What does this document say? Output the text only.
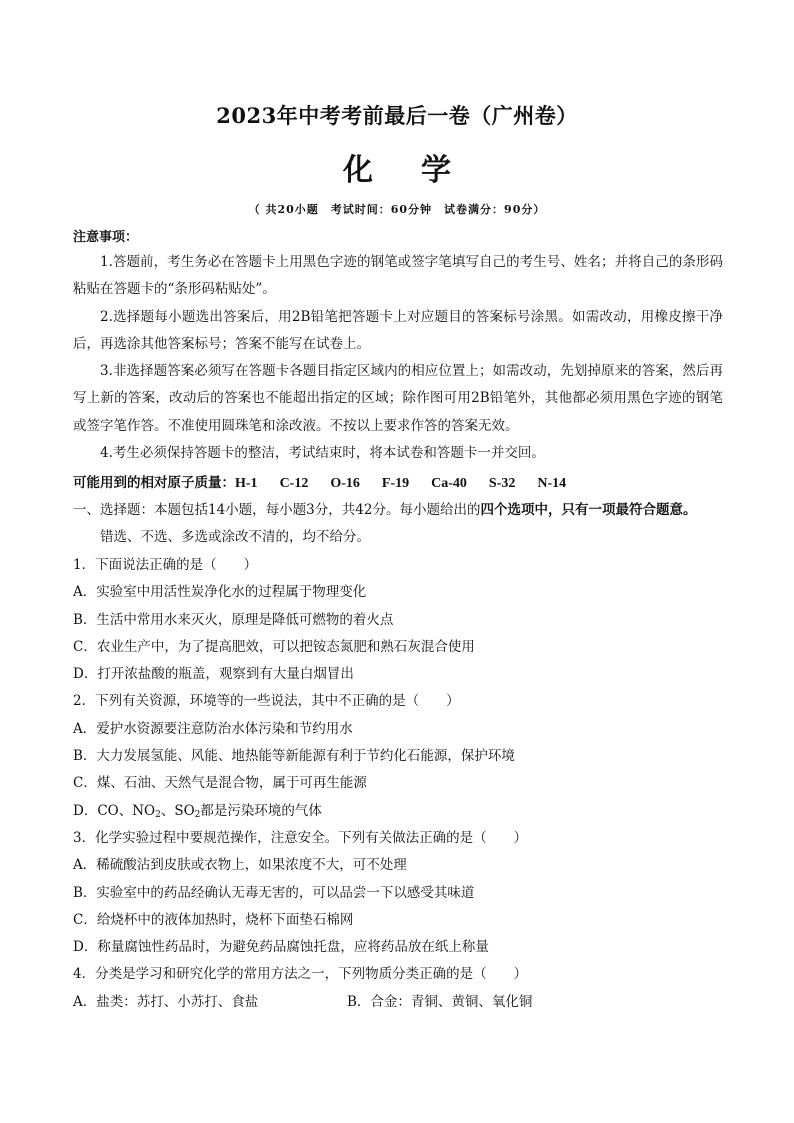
2023年中考考前最后一卷（广州卷）
化 学
（ 共20小题　考试时间：60分钟　试卷满分：90分）
注意事项：

1.答题前，考生务必在答题卡上用黑色字迹的钢笔或签字笔填写自己的考生号、姓名；并将自己的条形码粘贴在答题卡的“条形码粘贴处”。

2.选择题每小题选出答案后，用2B铅笔把答题卡上对应题目的答案标号涂黑。如需改动，用橡皮擦干净后，再选涂其他答案标号；答案不能写在试卷上。

3.非选择题答案必须写在答题卡各题目指定区域内的相应位置上；如需改动，先划掉原来的答案，然后再写上新的答案，改动后的答案也不能超出指定的区域；除作图可用2B铅笔外，其他都必须用黑色字迹的钢笔或签字笔作答。不准使用圆珠笔和涂改液。不按以上要求作答的答案无效。

4.考生必须保持答题卡的整洁，考试结束时，将本试卷和答题卡一并交回。

可能用到的相对原子质量：H-1 C-12 O-16 F-19 Ca-40 S-32 N-14
一、选择题：本题包括14小题，每小题3分，共42分。每小题给出的四个选项中，只有一项最符合题意。
错选、不选、多选或涂改不清的，均不给分。
1．下面说法正确的是（　　）
A．实验室中用活性炭净化水的过程属于物理变化
B．生活中常用水来灭火，原理是降低可燃物的着火点
C．农业生产中，为了提高肥效，可以把铵态氮肥和熟石灰混合使用
D．打开浓盐酸的瓶盖，观察到有大量白烟冒出
2．下列有关资源，环境等的一些说法，其中不正确的是（　　）
A．爱护水资源要注意防治水体污染和节约用水
B．大力发展氢能、风能、地热能等新能源有利于节约化石能源，保护环境
C．煤、石油、天然气是混合物，属于可再生能源
D．CO、$NO_2$、$SO_2$都是污染环境的气体
3．化学实验过程中要规范操作，注意安全。下列有关做法正确的是（　　）
A．稀硫酸沾到皮肤或衣物上，如果浓度不大，可不处理
B．实验室中的药品经确认无毒无害的，可以品尝一下以感受其味道
C．给烧杯中的液体加热时，烧杯下面垫石棉网
D．称量腐蚀性药品时，为避免药品腐蚀托盘，应将药品放在纸上称量
4．分类是学习和研究化学的常用方法之一，下列物质分类正确的是（　　）
A．盐类：苏打、小苏打、食盐	B．合金：青铜、黄铜、氧化铜
